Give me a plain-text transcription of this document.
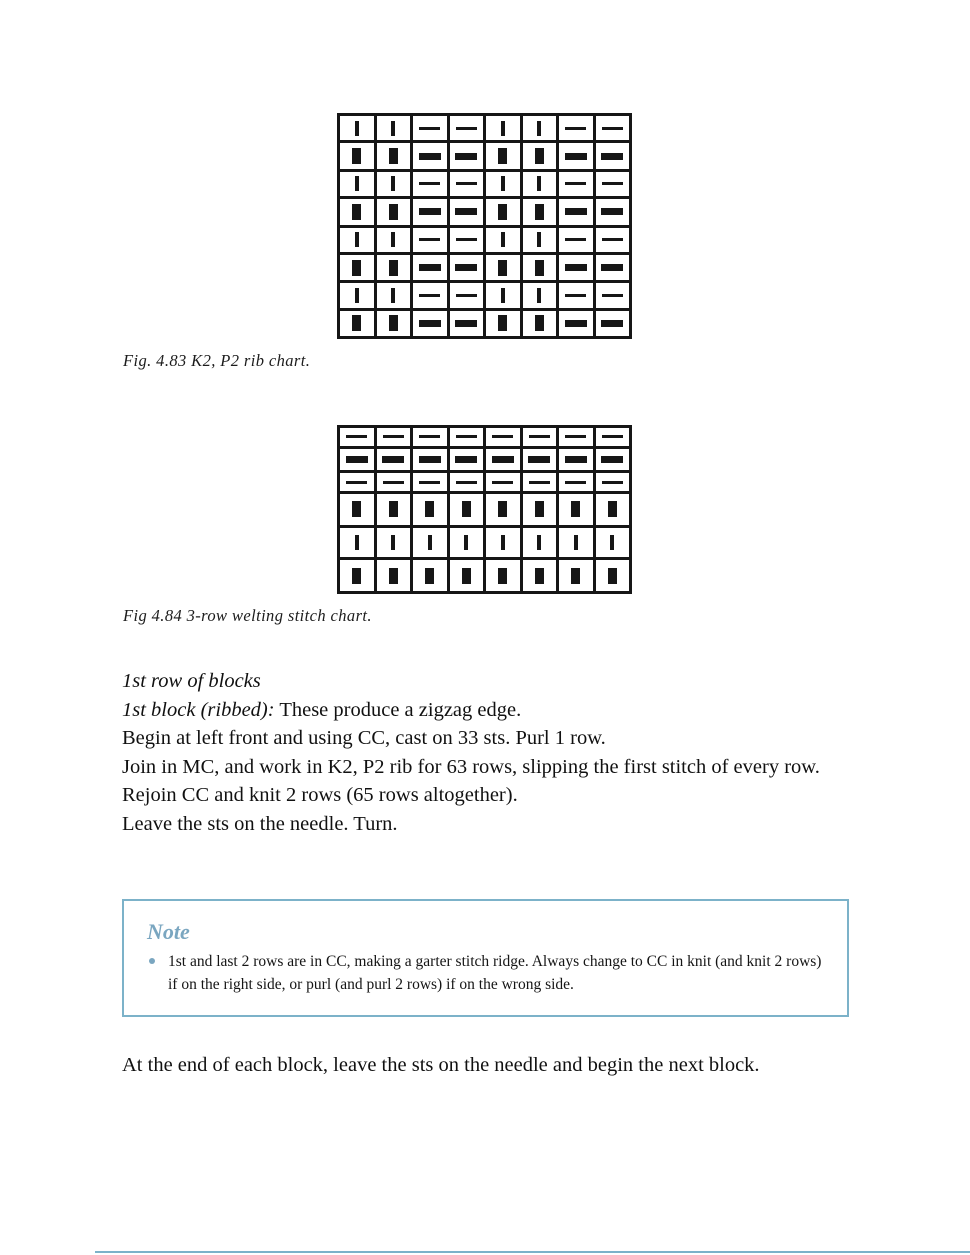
Fig. 4.83 K2, P2 rib chart.
Fig 4.84 3-row welting stitch chart.
1st row of blocks
1st block (ribbed): These produce a zigzag edge.
Begin at left front and using CC, cast on 33 sts. Purl 1 row.
Join in MC, and work in K2, P2 rib for 63 rows, slipping the first stitch of every row.
Rejoin CC and knit 2 rows (65 rows altogether).
Leave the sts on the needle. Turn.
Note
1st and last 2 rows are in CC, making a garter stitch ridge. Always change to CC in knit (and knit 2 rows) if on the right side, or purl (and purl 2 rows) if on the wrong side.
At the end of each block, leave the sts on the needle and begin the next block.
